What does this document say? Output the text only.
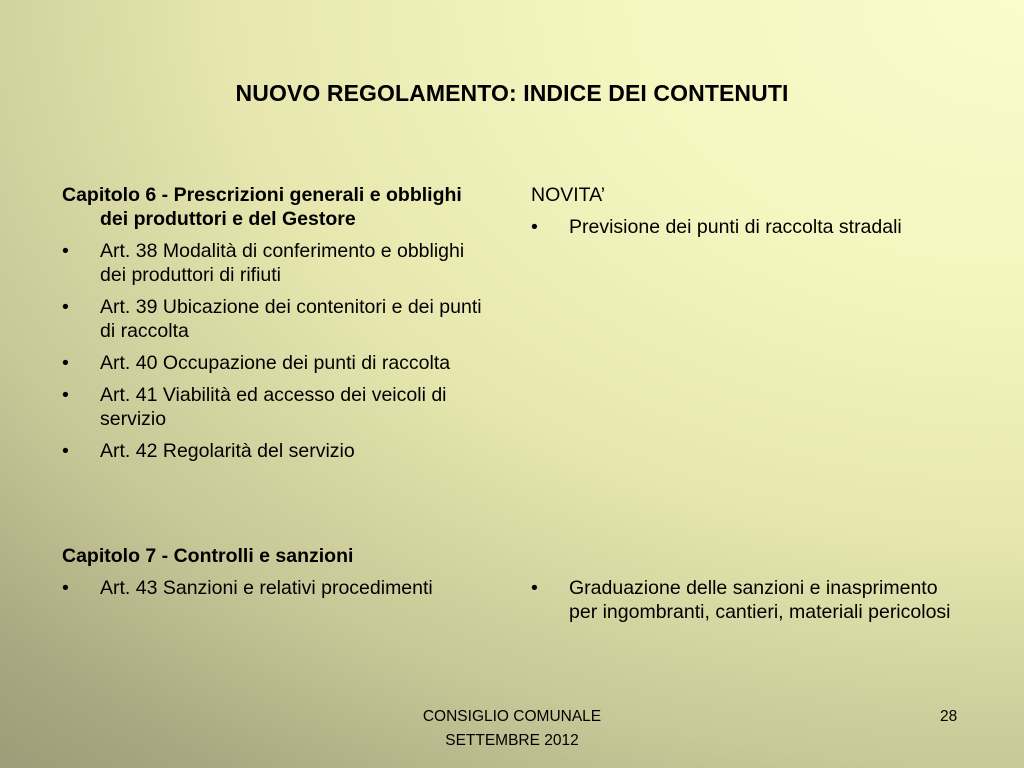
NUOVO REGOLAMENTO: INDICE DEI CONTENUTI
Capitolo 6 - Prescrizioni generali e obblighi dei produttori e del Gestore
•	Art. 38 Modalità di conferimento e obblighi dei produttori di rifiuti
•	Art. 39 Ubicazione dei contenitori e dei punti di raccolta
•	Art. 40 Occupazione dei punti di raccolta
•	Art. 41 Viabilità ed accesso dei veicoli di servizio
•	Art. 42 Regolarità del servizio
Capitolo 7 - Controlli e sanzioni
•	Art. 43 Sanzioni e relativi procedimenti
NOVITA’
•	Previsione dei punti di raccolta stradali
•	Graduazione delle sanzioni e inasprimento per ingombranti, cantieri, materiali pericolosi
CONSIGLIO COMUNALE
SETTEMBRE 2012
28
